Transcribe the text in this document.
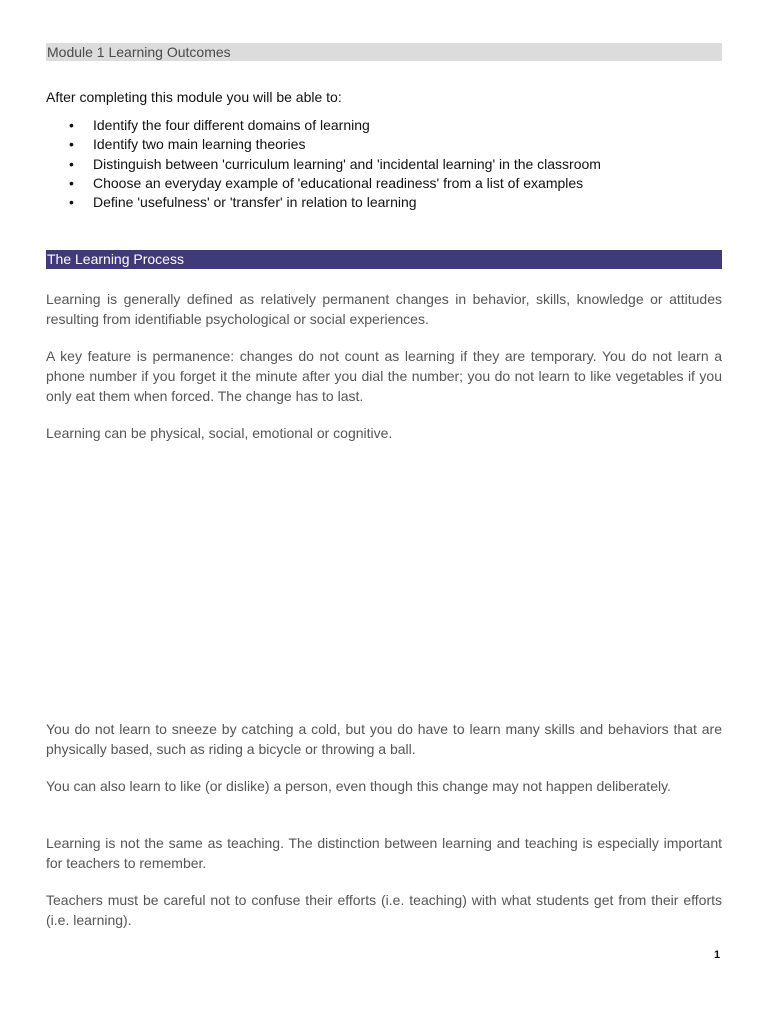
Module 1 Learning Outcomes
After completing this module you will be able to:
• Identify the four different domains of learning
• Identify two main learning theories
• Distinguish between 'curriculum learning' and 'incidental learning' in the classroom
• Choose an everyday example of 'educational readiness' from a list of examples
• Define 'usefulness' or 'transfer' in relation to learning
The Learning Process

Learning is generally defined as relatively permanent changes in behavior, skills, knowledge or attitudes resulting from identifiable psychological or social experiences.

A key feature is permanence: changes do not count as learning if they are temporary. You do not learn a phone number if you forget it the minute after you dial the number; you do not learn to like vegetables if you only eat them when forced. The change has to last.

Learning can be physical, social, emotional or cognitive.

You do not learn to sneeze by catching a cold, but you do have to learn many skills and behaviors that are physically based, such as riding a bicycle or throwing a ball.

You can also learn to like (or dislike) a person, even though this change may not happen deliberately.

Learning is not the same as teaching. The distinction between learning and teaching is especially important for teachers to remember.

Teachers must be careful not to confuse their efforts (i.e. teaching) with what students get from their efforts (i.e. learning).

1
